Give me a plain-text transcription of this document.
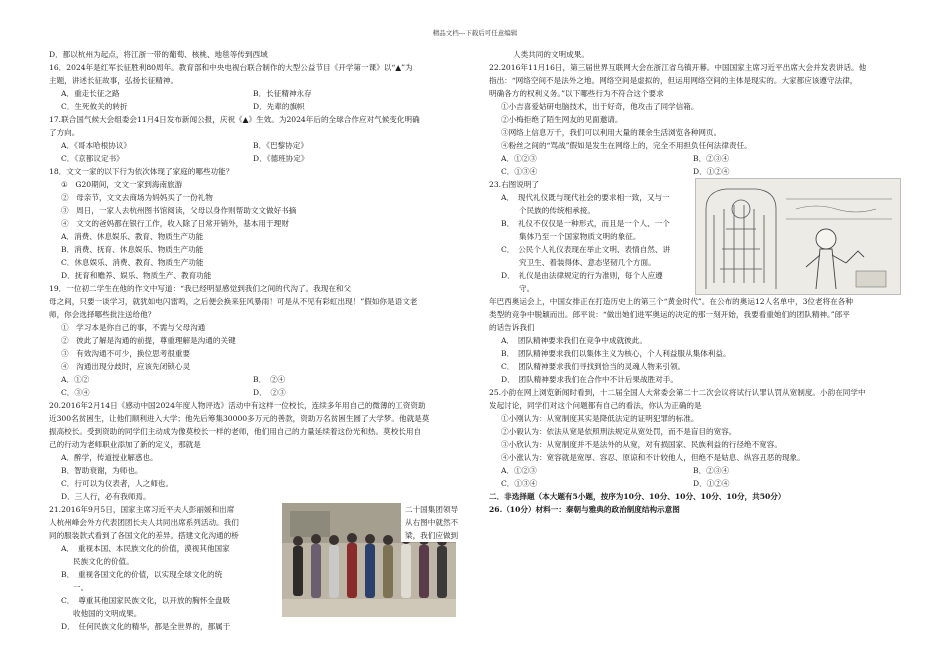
精品文档---下载后可任意编辑

D．都以杭州为起点，将江浙一带的葡萄、核桃、地毯等传到西域

16．2024年是红军长征胜利80周年。教育部和中央电视台联合制作的大型公益节目《开学第一课》以“▲”为

主题，讲述长征故事，弘扬长征精神。

A．重走长征之路	B．长征精神永存
C．生死攸关的转折	D．先辈的旗帜

17.联合国气候大会组委会11月4日发布新闻公报，庆祝《▲》生效。为2024年后的全球合作应对气候变化明确

了方向。

A．《哥本哈根协议》	B．《巴黎协定》
C．《京都议定书》	D．《德班协定》

18．文文一家的以下行为依次体现了家庭的哪些功能？

①　G20期间，文文一家到海南旅游

②　母亲节，文文去商场为妈妈买了一份礼物

③　周日，一家人去杭州图书馆阅读，父母以身作则帮助文文做好书摘

④　文文的爸妈都在银行工作，收入除了日常开销外，基本用于理财

A．消费、休息娱乐、教育、物质生产功能

B．消费、抚育、休息娱乐、物质生产功能

C．休息娱乐、消费、教育、物质生产功能

D．抚育和赡养、娱乐、物质生产、教育功能

19．一位初二学生在他的作文中写道：“我已经明显感觉到我们之间的代沟了。我现在和父

母之间，只要一谈学习，就犹如电闪雷鸣，之后便会换来狂风暴雨！可是从不见有彩虹出现！”假如你是语文老

师，你会选择哪些批注送给他？

①　学习本是你自己的事，不需与父母沟通

②　彼此了解是沟通的前提，尊重理解是沟通的关键

③　有效沟通不可少，换位思考很重要

④　沟通出现分歧时，应该先闭锁心灵

A．①②	B．　②④
C．③④	D．　②③

20.2016年2月14日《感动中国2024年度人物评选》活动中有这样一位校长，连续多年用自己的微薄的工资资助

近300名贫困生，让他们顺利进入大学；他先后筹集30000多万元的善款，资助万名贫困生圆了大学梦。他就是莫

振高校长。受到资助的同学们主动成为像莫校长一样的老师，他们用自己的力量延续着这份光和热。莫校长用自

己的行动为老师职业添加了新的定义，那就是

A．醉学，传道授业解惑也。

B．智助衰谢，为师也。

C．行可以为仪表者，人之师也。

D．三人行，必有我师焉。

21.2016年9月5日，国家主席习近平夫人彭丽媛和出席	二十国集团领导

人杭州峰会外方代表团团长夫人共同出席系列活动。我们	从右图中就然不

同的服装款式看到了各国文化的差异。搭建文化沟通的桥	梁，我们应做到

A．　重视本国、本民族文化的价值，漠视其他国家

民族文化的价值。

B．　重视各国文化的价值，以实现全球文化的统

一。

C．　尊重其他国家民族文化，以开放的胸怀全盘吸

收他国的文明成果。

D．　任何民族文化的精华，都是全世界的，都属于

人类共同的文明成果。

22.2016年11月16日，第三届世界互联网大会在浙江省乌镇开幕。中国国家主席习近平出席大会并发表讲话。他

指出：“网络空间不是法外之地。网络空间是虚拟的，但运用网络空间的主体是现实的。大家都应该遵守法律，

明确各方的权利义务。”以下哪些行为不符合这个要求

①小吉喜爱姑研电脑技术，出于好奇，他攻击了同学信箱。

②小梅拒绝了陌生网友的见面邀请。

③网络上信息万千，我们可以利用大量的课余生活浏览各种网页。

④粉丝之间的“骂战”假如是发生在网络上的，完全不用担负任何法律责任。

A．①②③	B．②③④
C．①③④	D．①②④

23.右图说明了

A．　现代礼仪既与现代社会的要求相一致，又与一

个民族的传统相承接。

B．　礼仪不仅仅是一种形式，而且是一个人、一个

集体乃至一个国家物质文明的象征。

C．　公民个人礼仪表现在举止文明、表情自然、讲

究卫生、着装得体、意态坚韧几个方面。

D．　礼仪是由法律规定的行为准则，每个人应遵

守。

年巴西奥运会上，中国女排正在打造历史上的第三个“黄金时代”。在公布的奥运12人名单中，3位老将在各种

类型的竞争中脱颖而出。郎平说：“做出她们进军奥运的决定的那一刻开始，我要看重她们的团队精神。”郎平

的话告诉我们

A．　团队精神要求我们在竞争中成就彼此。

B．　团队精神要求我们以集体主义为核心，个人利益服从集体利益。

C．　团队精神要求我们寻找到恰当的灵魂人物来引领。

D．　团队精神要求我们在合作中不计后果战胜对手。

25.小韵在网上浏览新闻时看到，十二届全国人大常委会第二十二次会议将试行认罪认罚从宽制度。小韵在同学中

发起讨论，同学们对这个问题都有自己的看法，你认为正确的是

①小刚认为：从宽制度其实是降低法定的证明犯罪的标准。

②小毅认为：依法从宽是依照刑法规定从宽处罚，而不是盲目的宽容。

③小欣认为：从宽制度并不是法外的从宽，对有损国家、民族利益的行径绝不宽容。

④小涨认为：宽容就是宽厚、容忍、原谅和不计较他人，但绝不是姑息、纵容丑恶的现象。

A．①②③	B．②③④
C．①③④	D．①②④

二．非选择题（本大题有5小题，按序为10分、10分、10分、10分、10分，共50分）

26.（10分）材料一：秦朝与雅典的政治制度结构示意图
